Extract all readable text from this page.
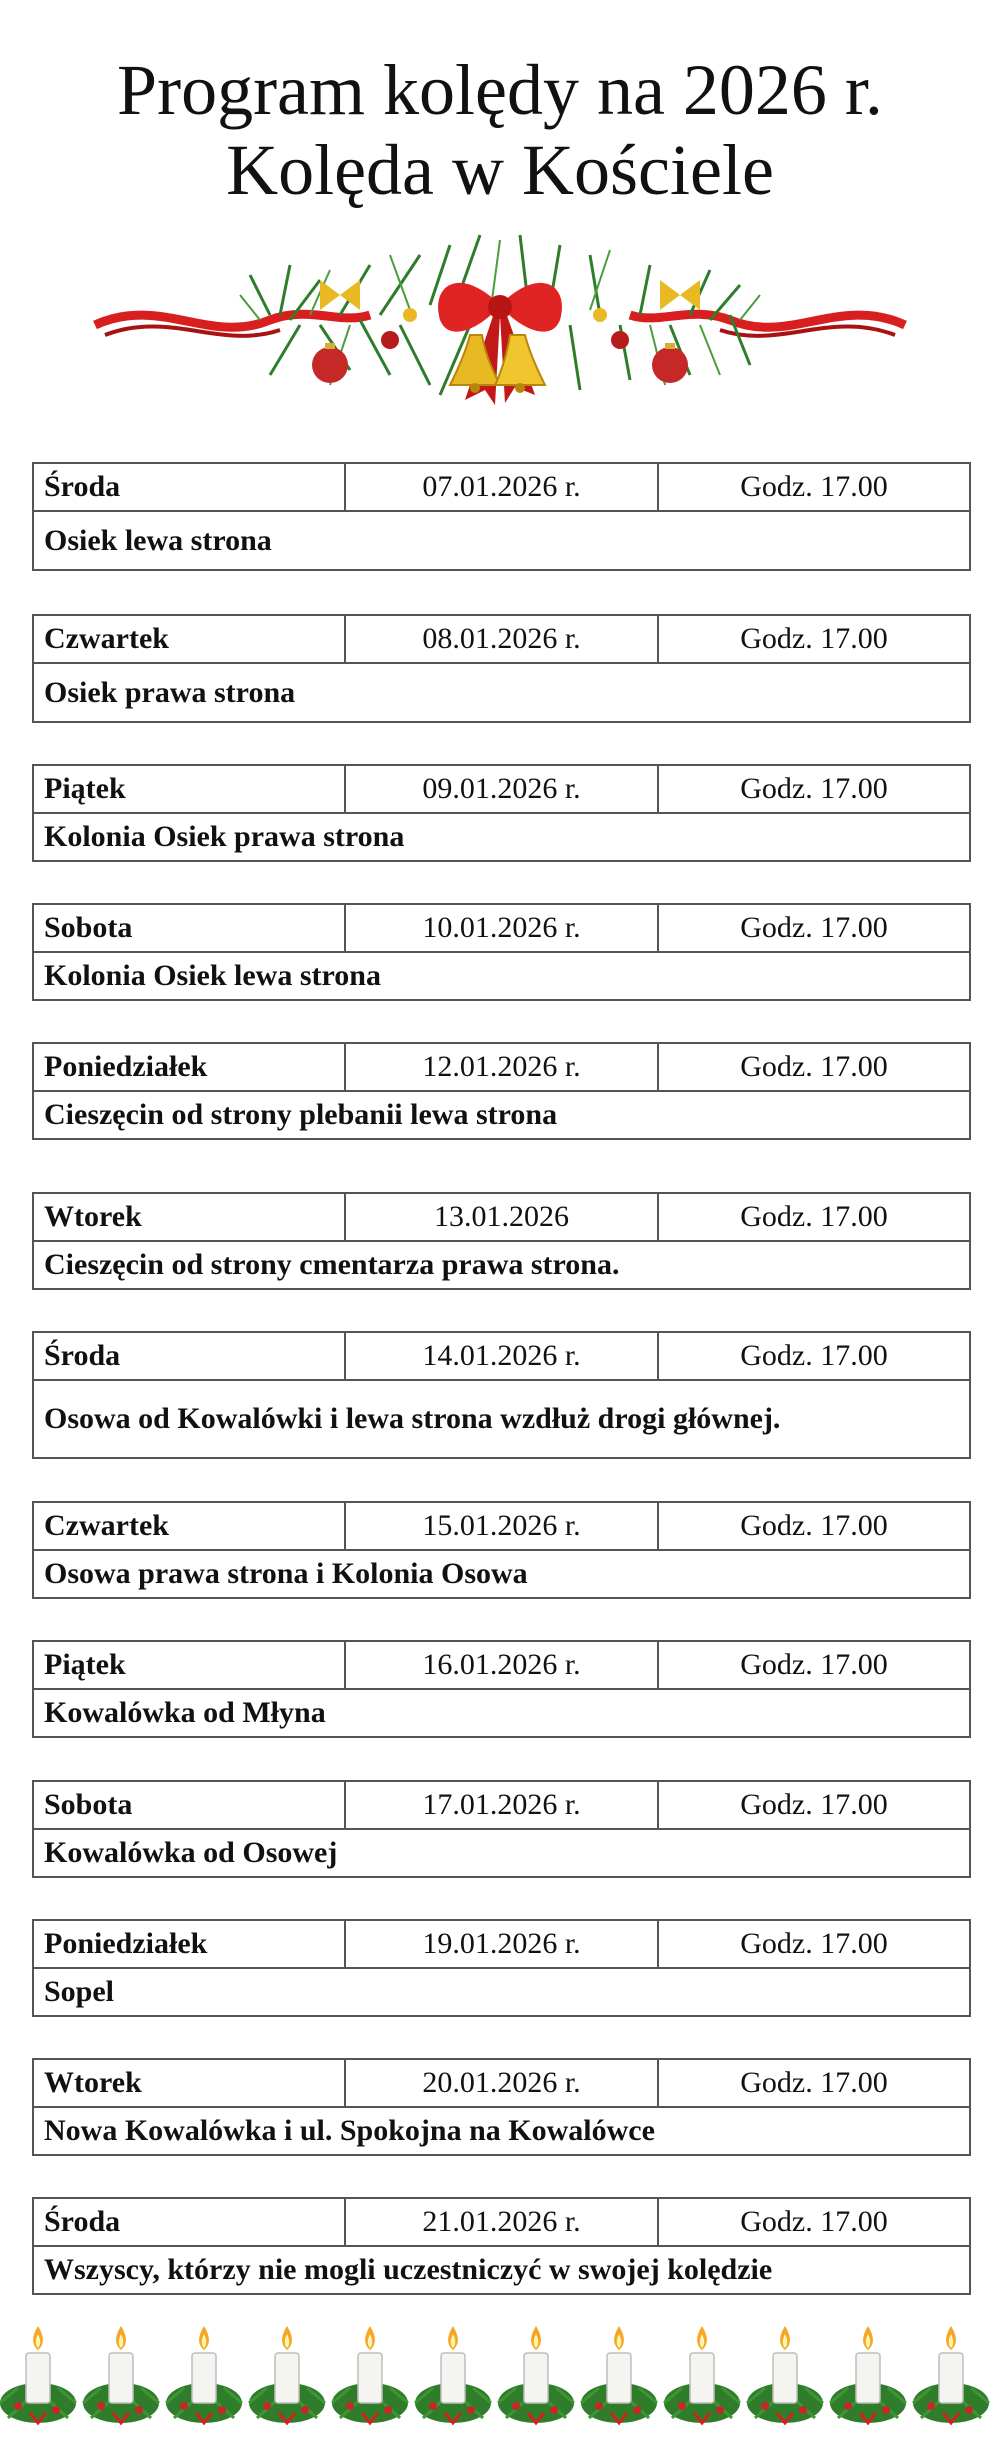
Program kolędy na 2026 r.
Kolęda w Kościele
Środa	07.01.2026 r.	Godz. 17.00
Osiek lewa strona
Czwartek	08.01.2026 r.	Godz. 17.00
Osiek prawa strona
Piątek	09.01.2026 r.	Godz. 17.00
Kolonia Osiek prawa strona
Sobota	10.01.2026 r.	Godz. 17.00
Kolonia Osiek lewa strona
Poniedziałek	12.01.2026 r.	Godz. 17.00
Cieszęcin od strony plebanii lewa strona
Wtorek	13.01.2026	Godz. 17.00
Cieszęcin od strony cmentarza prawa strona.
Środa	14.01.2026 r.	Godz. 17.00
Osowa od Kowalówki i lewa strona wzdłuż drogi głównej.
Czwartek	15.01.2026 r.	Godz. 17.00
Osowa prawa strona i Kolonia Osowa
Piątek	16.01.2026 r.	Godz. 17.00
Kowalówka od Młyna
Sobota	17.01.2026 r.	Godz. 17.00
Kowalówka od Osowej
Poniedziałek	19.01.2026 r.	Godz. 17.00
Sopel
Wtorek	20.01.2026 r.	Godz. 17.00
Nowa Kowalówka i ul. Spokojna na Kowalówce
Środa	21.01.2026 r.	Godz. 17.00
Wszyscy, którzy nie mogli uczestniczyć w swojej kolędzie
